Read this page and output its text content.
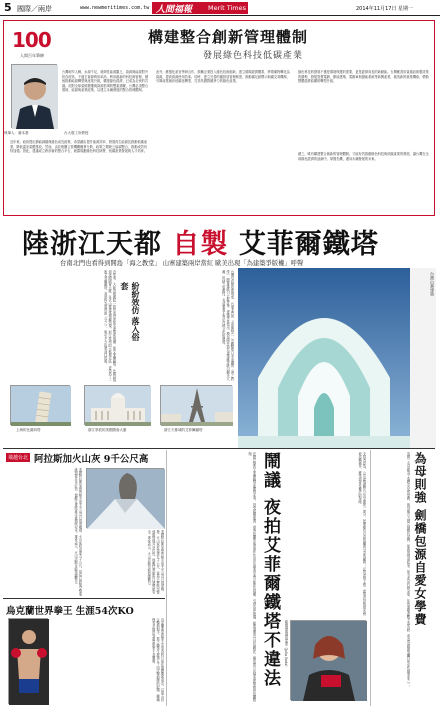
5 國際／兩岸	www.newmeritimes.com.tw 人間福報 Merit Times	2014年11月17日 星期一
100
人間百年筆陣
構建整合創新管理體制
發展綠色科技低碳產業
執筆人：蔣本基	台大環工所教授
台灣地窄人稠，水源不足，耗竭性能源匱乏，資源與能源對外依存度高，不過它資源利用率高，利用創新的科技與管理，積極推動能源轉型與產業升級，構建綠色經濟，已成為全民的共識。面對全球氣候變遷與資源枯竭的雙重挑戰，台灣必須整合環境、能源與產業政策，以建立永續發展的整合管理體制。
近年來，政府提出節能減碳與綠色成長政策，希望藉由提升能源效率、發展再生能源及推動低碳產業，降低溫室氣體排放。然而，由於相關主管機關權責分散，政策之間缺乏協調整合，推動成效仍待加強。因此，建議成立跨部會的整合平台，統籌規劃綠色科技研發、低碳產業發展與人才培育。
此外，應強化產官學研合作，鼓勵企業投入綠色技術創新，建立循環經濟體系，將廢棄物轉化為資源，提高資源使用效率。同時，建立完善的碳排放管理制度，推動碳足跡標示與碳交易機制，引導產業朝向低碳化轉型，打造具國際競爭力的綠色產業。
綠色科技的發展不僅是環境保護的需要，更是經濟成長的新動能。台灣應善用資通訊與製造業的優勢，發展智慧電網、節能建築、電動車與儲能系統等新興產業，創造新的就業機會，帶動整體經濟結構的轉型升級。
總之，唯有構建整合創新的管理體制，才能有效推動綠色科技與低碳產業的發展，讓台灣在全球綠色經濟的浪潮中，掌握先機，邁向永續發展的未來。
陸浙江天都 自製 艾菲爾鐵塔
台南北門也看得到開島「海之教堂」 山寨建築兩岸當紅 歐美出現「為建築爭版權」呼聲
台灣山寨建築
紛紛效仿 落入俗套
近年來，大陸各地興起一股仿造世界知名建築的風潮，從艾菲爾鐵塔、比薩斜塔到美國國會大廈，各式山寨建築相繼出現。浙江杭州的天都城社區，更仿造了一座艾菲爾鐵塔，高度約為原塔的三分之一，吸引不少民眾前往拍照。	台灣也有類似的現象，台南北門的「水晶教堂」，外觀酷似日本沖繩的「海之教堂」，開幕後吸引大批遊客。建築學者指出，模仿國外知名建築雖可吸引觀光人潮，但缺乏原創性，長遠來看不利於在地文化的發展。
上海的比薩斜塔	浙江寧波的美國國會大廈	浙江天都城的艾菲爾鐵塔
飛越台北 阿拉斯加火山灰 9千公尺高
美國阿拉斯加州的帕夫洛夫火山近日再度噴發，火山灰柱高達九千公尺，當局已將航空警戒級別提升至紅色，提醒往來航班注意飛航安全。專家表示，火山活動可能持續數日。	美國阿拉斯加州的帕夫洛夫火山近日再度噴發，火山灰柱高達九千公尺，當局已將航空警戒級別提升至紅色，提醒往來航班注意飛航安全。專家表示，火山活動可能持續數日。
烏克蘭世界拳王 生涯54次KO
烏克蘭重量級拳王克里奇科日前在德國衛冕成功，以第五回合擊倒對手，寫下職業生涯第五十四次擊倒勝的紀錄，繼續保有多條世界重量級拳王金腰帶。	法國巴黎的艾菲爾鐵塔夜間燈光秀，因受版權保護，遊客拍攝的夜景照片若用於商業用途可能涉及侵權，引發各界熱議。歐盟議會近日討論修法，擬放寬公共場所建築物的拍攝限制。 鬧議 夜拍艾菲爾鐵塔不違法	支持者認為，公共建築屬於公共空間的一部分，民眾應有自由拍攝與分享的權利；反對者則主張，建築設計與燈光藝術亦屬創作，應受到著作權法的保障。
歐洲議會議員雷達（Julia Reda）
為母則強 劍橋包源自愛女學費
英國一名母親為了籌措女兒的學費，與母親合力創立劍橋包品牌，從廚房餐桌起家，如今產品行銷全球，年營業額達數千萬英鎊，成為英國最受矚目的女性創業家之一。
